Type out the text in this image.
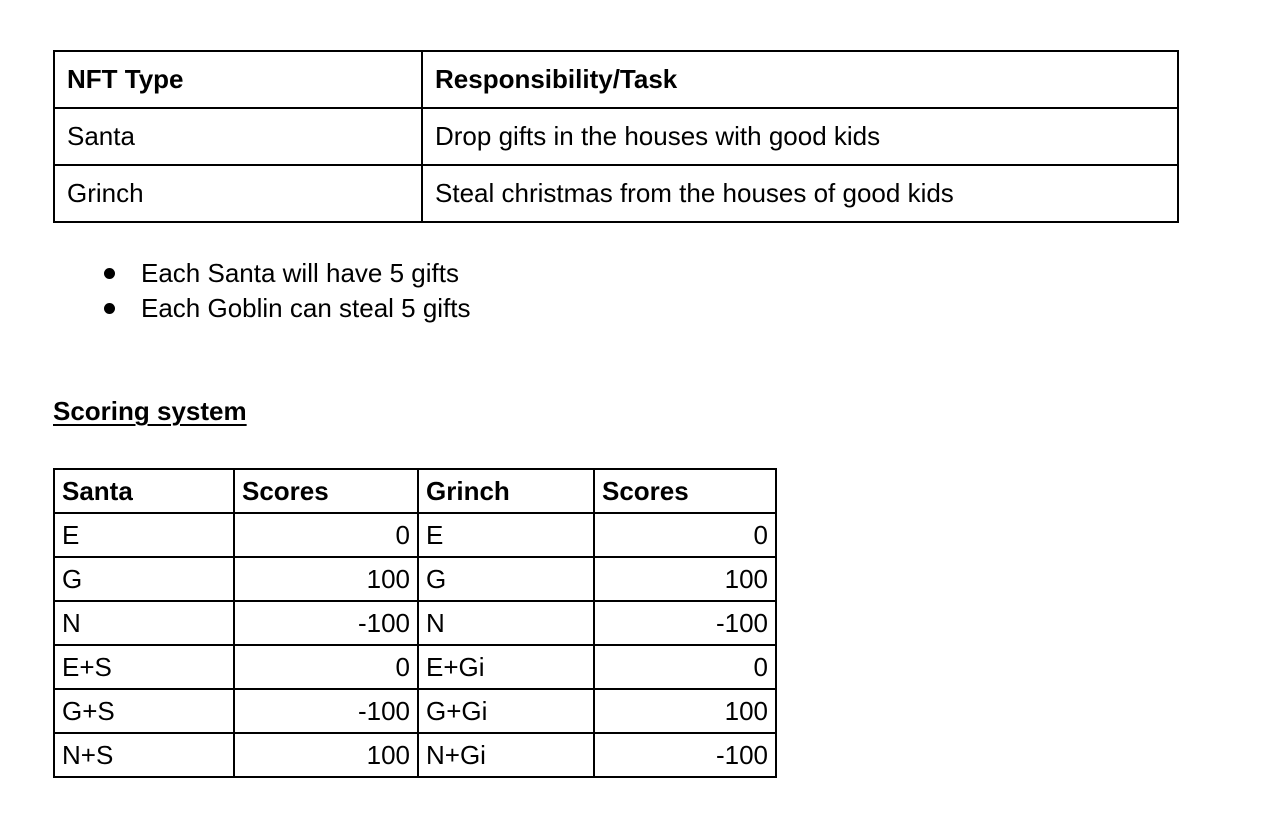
NFT Type	Responsibility/Task
Santa	Drop gifts in the houses with good kids
Grinch	Steal christmas from the houses of good kids
Each Santa will have 5 gifts
Each Goblin can steal 5 gifts
Scoring system
Santa	Scores	Grinch	Scores
E	0	E	0
G	100	G	100
N	-100	N	-100
E+S	0	E+Gi	0
G+S	-100	G+Gi	100
N+S	100	N+Gi	-100
